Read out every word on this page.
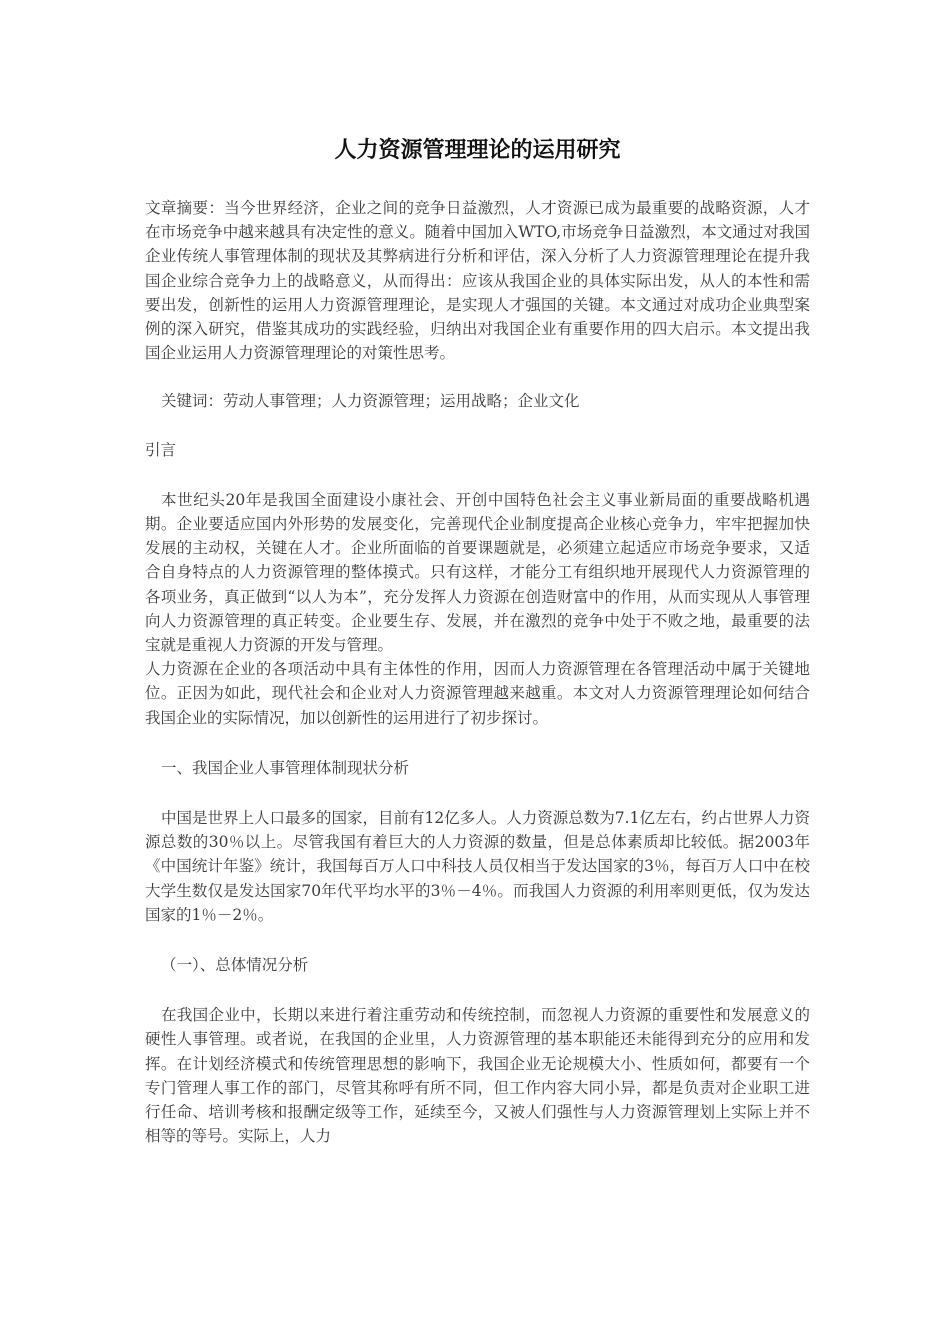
人力资源管理理论的运用研究

文章摘要：当今世界经济，企业之间的竞争日益激烈，人才资源已成为最重要的战略资源，人才在市场竞争中越来越具有决定性的意义。随着中国加入WTO,市场竞争日益激烈，本文通过对我国企业传统人事管理体制的现状及其弊病进行分析和评估，深入分析了人力资源管理理论在提升我国企业综合竞争力上的战略意义，从而得出：应该从我国企业的具体实际出发，从人的本性和需要出发，创新性的运用人力资源管理理论，是实现人才强国的关键。本文通过对成功企业典型案例的深入研究，借鉴其成功的实践经验，归纳出对我国企业有重要作用的四大启示。本文提出我国企业运用人力资源管理理论的对策性思考。

关键词：劳动人事管理；人力资源管理；运用战略；企业文化

引言

本世纪头20年是我国全面建设小康社会、开创中国特色社会主义事业新局面的重要战略机遇期。企业要适应国内外形势的发展变化，完善现代企业制度提高企业核心竞争力，牢牢把握加快发展的主动权，关键在人才。企业所面临的首要课题就是，必须建立起适应市场竞争要求，又适合自身特点的人力资源管理的整体摸式。只有这样，才能分工有组织地开展现代人力资源管理的各项业务，真正做到“以人为本”，充分发挥人力资源在创造财富中的作用，从而实现从人事管理向人力资源管理的真正转变。企业要生存、发展，并在激烈的竞争中处于不败之地，最重要的法宝就是重视人力资源的开发与管理。

人力资源在企业的各项活动中具有主体性的作用，因而人力资源管理在各管理活动中属于关键地位。正因为如此，现代社会和企业对人力资源管理越来越重。本文对人力资源管理理论如何结合我国企业的实际情况，加以创新性的运用进行了初步探讨。

一、我国企业人事管理体制现状分析

中国是世界上人口最多的国家，目前有12亿多人。人力资源总数为7.1亿左右，约占世界人力资源总数的30％以上。尽管我国有着巨大的人力资源的数量，但是总体素质却比较低。据2003年《中国统计年鉴》统计，我国每百万人口中科技人员仅相当于发达国家的3％，每百万人口中在校大学生数仅是发达国家70年代平均水平的3％－4％。而我国人力资源的利用率则更低，仅为发达国家的1％－2％。

（一）、总体情况分析

在我国企业中，长期以来进行着注重劳动和传统控制，而忽视人力资源的重要性和发展意义的硬性人事管理。或者说，在我国的企业里，人力资源管理的基本职能还未能得到充分的应用和发挥。在计划经济模式和传统管理思想的影响下，我国企业无论规模大小、性质如何，都要有一个专门管理人事工作的部门，尽管其称呼有所不同，但工作内容大同小异，都是负责对企业职工进行任命、培训考核和报酬定级等工作，延续至今，又被人们强性与人力资源管理划上实际上并不相等的等号。实际上，人力
